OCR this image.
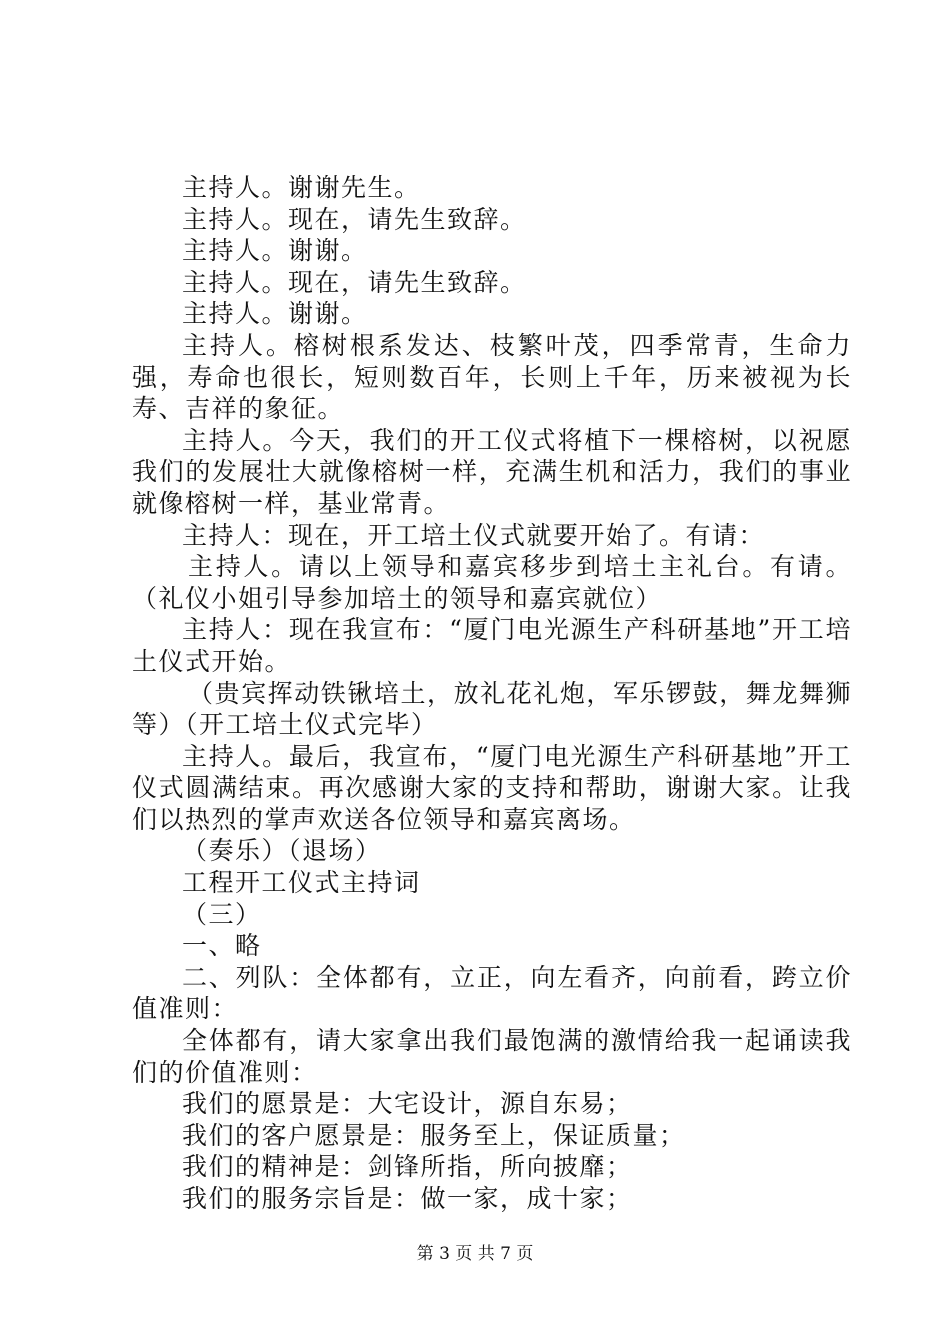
主持人。谢谢先生。

主持人。现在，请先生致辞。

主持人。谢谢。

主持人。现在，请先生致辞。

主持人。谢谢。

主持人。榕树根系发达、枝繁叶茂，四季常青，生命力强，寿命也很长，短则数百年，长则上千年，历来被视为长寿、吉祥的象征。

主持人。今天，我们的开工仪式将植下一棵榕树，以祝愿我们的发展壮大就像榕树一样，充满生机和活力，我们的事业就像榕树一样，基业常青。

主持人：现在，开工培土仪式就要开始了。有请：

主持人。请以上领导和嘉宾移步到培土主礼台。有请。（礼仪小姐引导参加培土的领导和嘉宾就位）

主持人：现在我宣布：“厦门电光源生产科研基地”开工培土仪式开始。

（贵宾挥动铁锹培土，放礼花礼炮，军乐锣鼓，舞龙舞狮等）（开工培土仪式完毕）

主持人。最后，我宣布，“厦门电光源生产科研基地”开工仪式圆满结束。再次感谢大家的支持和帮助，谢谢大家。让我们以热烈的掌声欢送各位领导和嘉宾离场。

（奏乐）（退场）

工程开工仪式主持词

（三）

一、略

二、列队：全体都有，立正，向左看齐，向前看，跨立价值准则：

全体都有，请大家拿出我们最饱满的激情给我一起诵读我们的价值准则：

我们的愿景是：大宅设计，源自东易；

我们的客户愿景是：服务至上，保证质量；

我们的精神是：剑锋所指，所向披靡；

我们的服务宗旨是：做一家，成十家；

第 3 页 共 7 页
